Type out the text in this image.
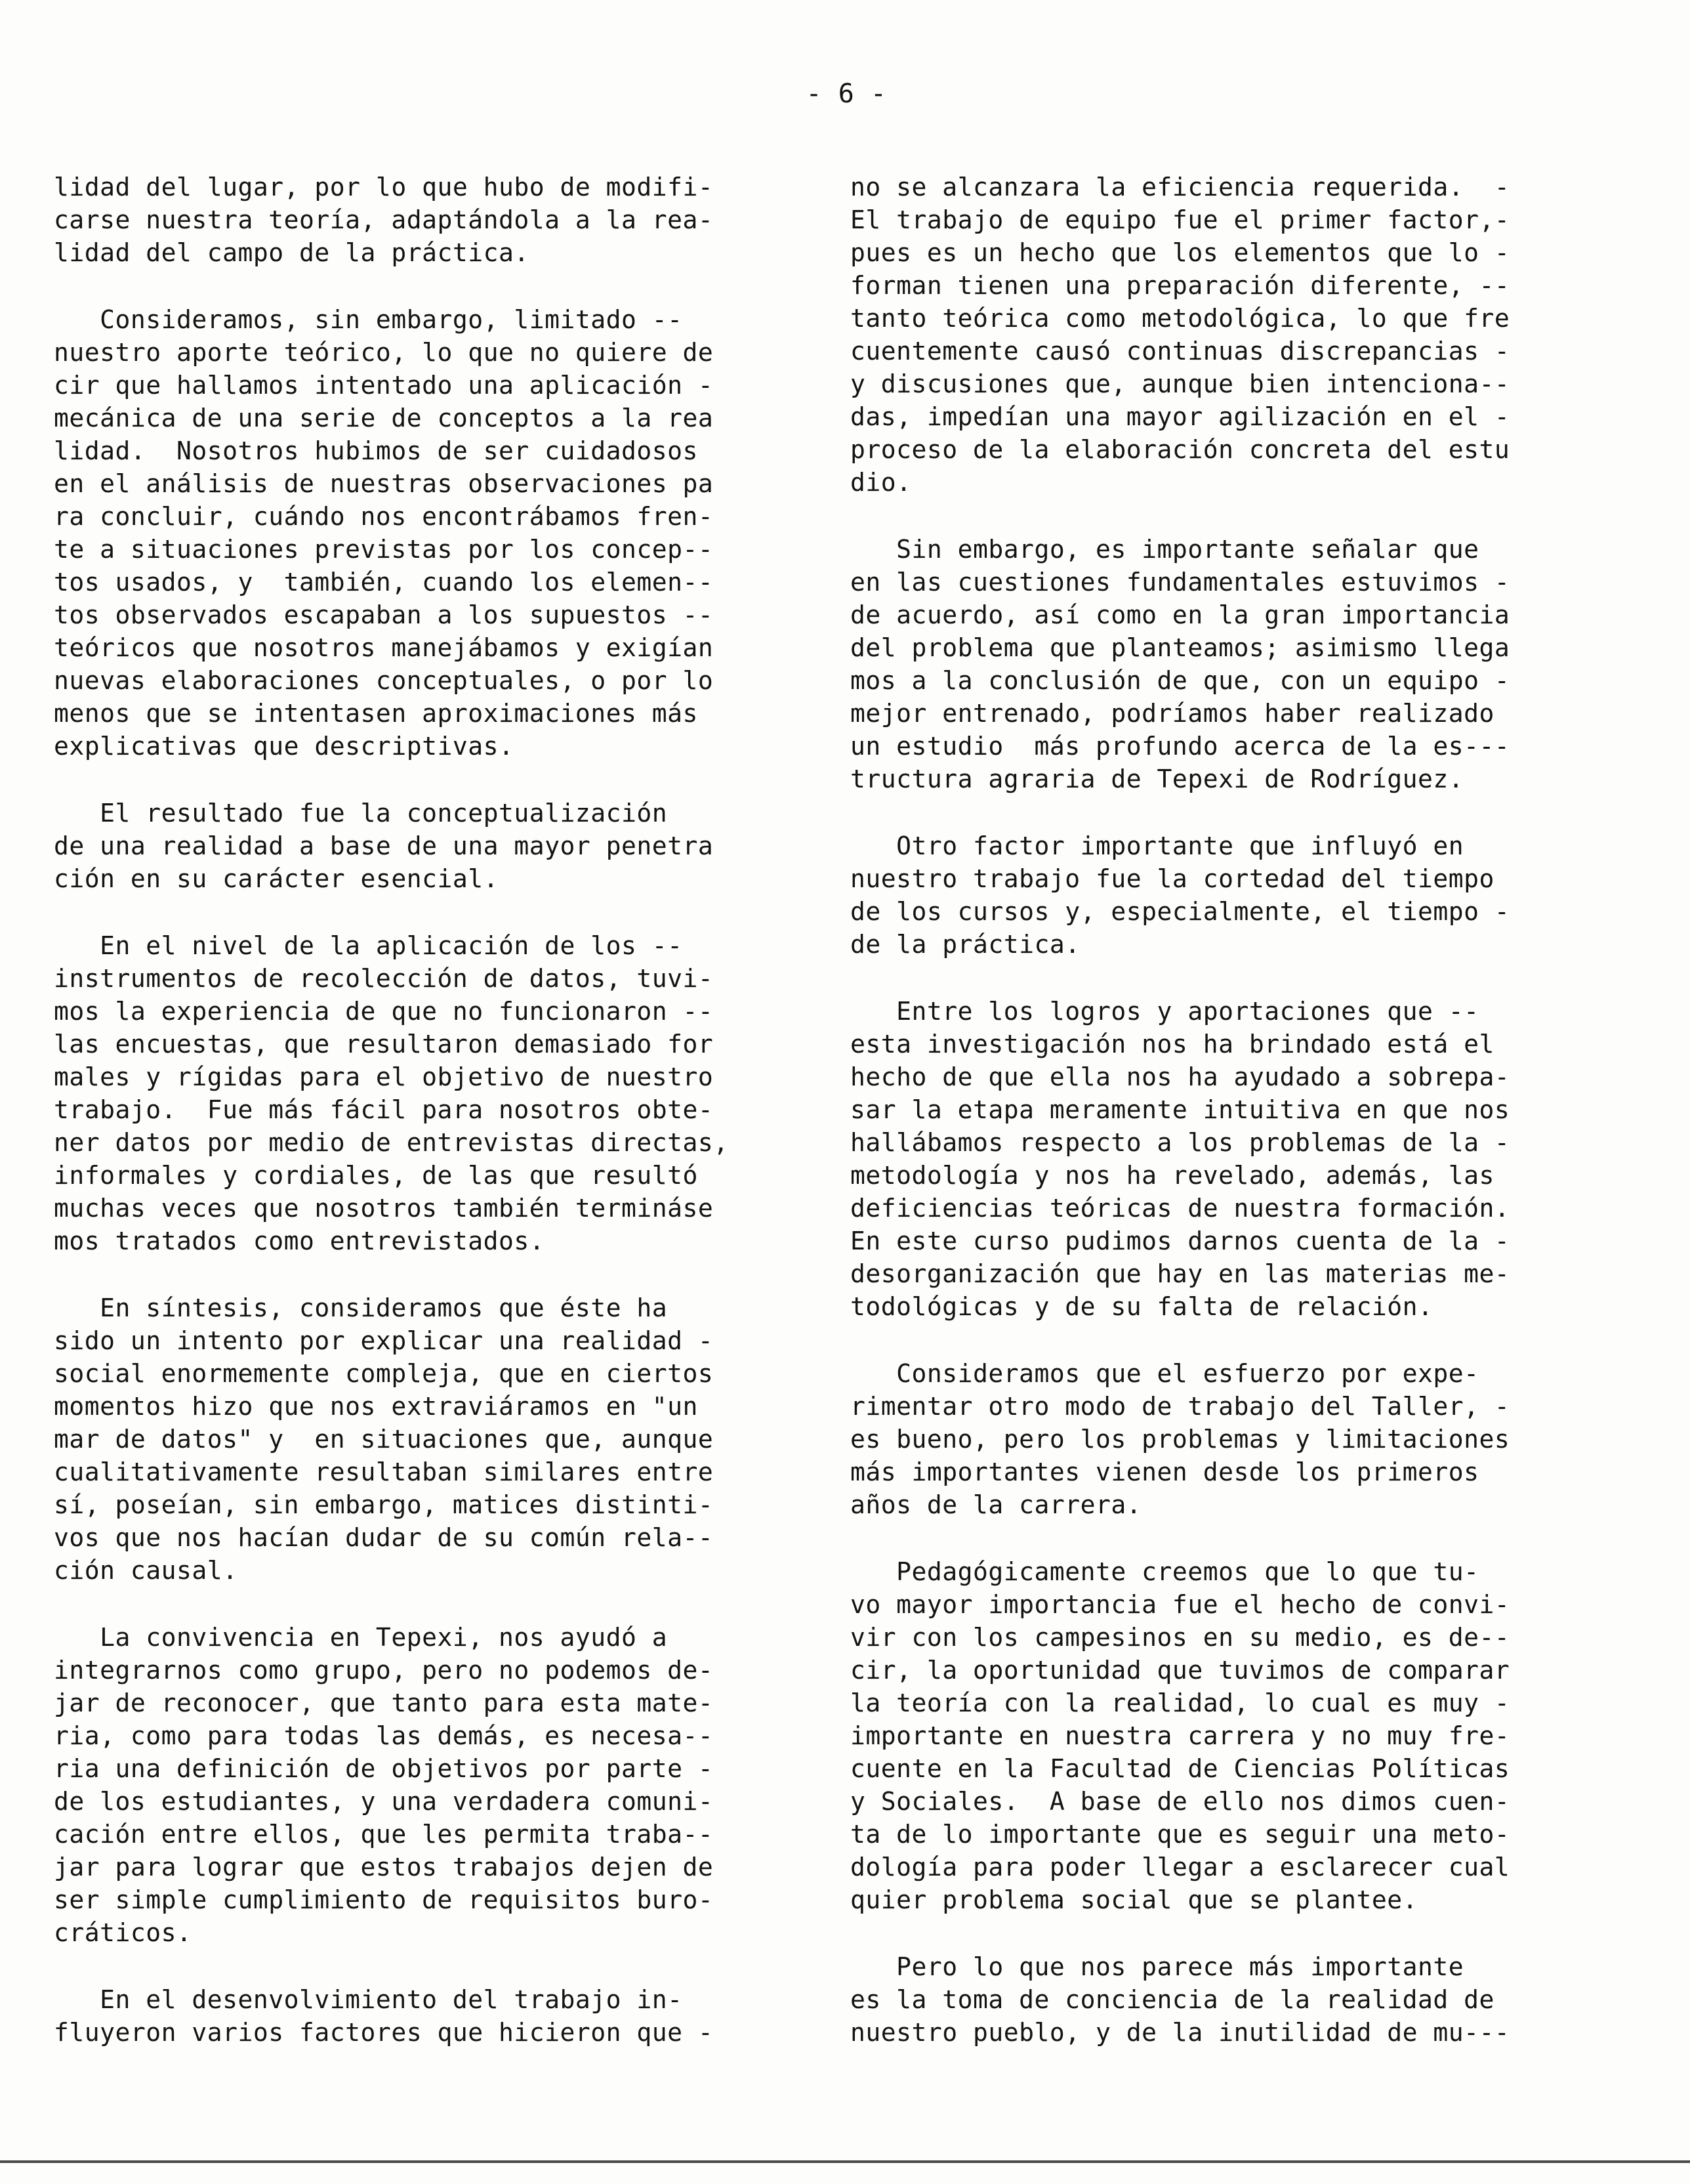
- 6 -
lidad del lugar, por lo que hubo de modifi-
carse nuestra teoría, adaptándola a la rea-
lidad del campo de la práctica.
Consideramos, sin embargo, limitado --
nuestro aporte teórico, lo que no quiere de
cir que hallamos intentado una aplicación -
mecánica de una serie de conceptos a la rea
lidad.  Nosotros hubimos de ser cuidadosos
en el análisis de nuestras observaciones pa
ra concluir, cuándo nos encontrábamos fren-
te a situaciones previstas por los concep--
tos usados, y  también, cuando los elemen--
tos observados escapaban a los supuestos --
teóricos que nosotros manejábamos y exigían
nuevas elaboraciones conceptuales, o por lo
menos que se intentasen aproximaciones más
explicativas que descriptivas.
El resultado fue la conceptualización
de una realidad a base de una mayor penetra
ción en su carácter esencial.
En el nivel de la aplicación de los --
instrumentos de recolección de datos, tuvi-
mos la experiencia de que no funcionaron --
las encuestas, que resultaron demasiado for
males y rígidas para el objetivo de nuestro
trabajo.  Fue más fácil para nosotros obte-
ner datos por medio de entrevistas directas,
informales y cordiales, de las que resultó
muchas veces que nosotros también terminásе
mos tratados como entrevistados.
En síntesis, consideramos que éste ha
sido un intento por explicar una realidad -
social enormemente compleja, que en ciertos
momentos hizo que nos extraviáramos en "un
mar de datos" y  en situaciones que, aunque
cualitativamente resultaban similares entre
sí, poseían, sin embargo, matices distinti-
vos que nos hacían dudar de su común rela--
ción causal.
La convivencia en Tepexi, nos ayudó a
integrarnos como grupo, pero no podemos de-
jar de reconocer, que tanto para esta mate-
ria, como para todas las demás, es necesa--
ria una definición de objetivos por parte -
de los estudiantes, y una verdadera comuni-
cación entre ellos, que les permita traba--
jar para lograr que estos trabajos dejen de
ser simple cumplimiento de requisitos buro-
cráticos.
En el desenvolvimiento del trabajo in-
fluyeron varios factores que hicieron que -
no se alcanzara la eficiencia requerida.  -
El trabajo de equipo fue el primer factor,-
pues es un hecho que los elementos que lo -
forman tienen una preparación diferente, --
tanto teórica como metodológica, lo que fre
cuentemente causó continuas discrepancias -
y discusiones que, aunque bien intenciona--
das, impedían una mayor agilización en el -
proceso de la elaboración concreta del estu
dio.
Sin embargo, es importante señalar que
en las cuestiones fundamentales estuvimos -
de acuerdo, así como en la gran importancia
del problema que planteamos; asimismo llega
mos a la conclusión de que, con un equipo -
mejor entrenado, podríamos haber realizado
un estudio  más profundo acerca de la es---
tructura agraria de Tepexi de Rodríguez.
Otro factor importante que influyó en
nuestro trabajo fue la cortedad del tiempo
de los cursos y, especialmente, el tiempo -
de la práctica.
Entre los logros y aportaciones que --
esta investigación nos ha brindado está el
hecho de que ella nos ha ayudado a sobrepa-
sar la etapa meramente intuitiva en que nos
hallábamos respecto a los problemas de la -
metodología y nos ha revelado, además, las
deficiencias teóricas de nuestra formación.
En este curso pudimos darnos cuenta de la -
desorganización que hay en las materias me-
todológicas y de su falta de relación.
Consideramos que el esfuerzo por expe-
rimentar otro modo de trabajo del Taller, -
es bueno, pero los problemas y limitaciones
más importantes vienen desde los primeros
años de la carrera.
Pedagógicamente creemos que lo que tu-
vo mayor importancia fue el hecho de convi-
vir con los campesinos en su medio, es de--
cir, la oportunidad que tuvimos de comparar
la teoría con la realidad, lo cual es muy -
importante en nuestra carrera y no muy fre-
cuente en la Facultad de Ciencias Políticas
y Sociales.  A base de ello nos dimos cuen-
ta de lo importante que es seguir una meto-
dología para poder llegar a esclarecer cual
quier problema social que se plantee.
Pero lo que nos parece más importante
es la toma de conciencia de la realidad de
nuestro pueblo, y de la inutilidad de mu---
